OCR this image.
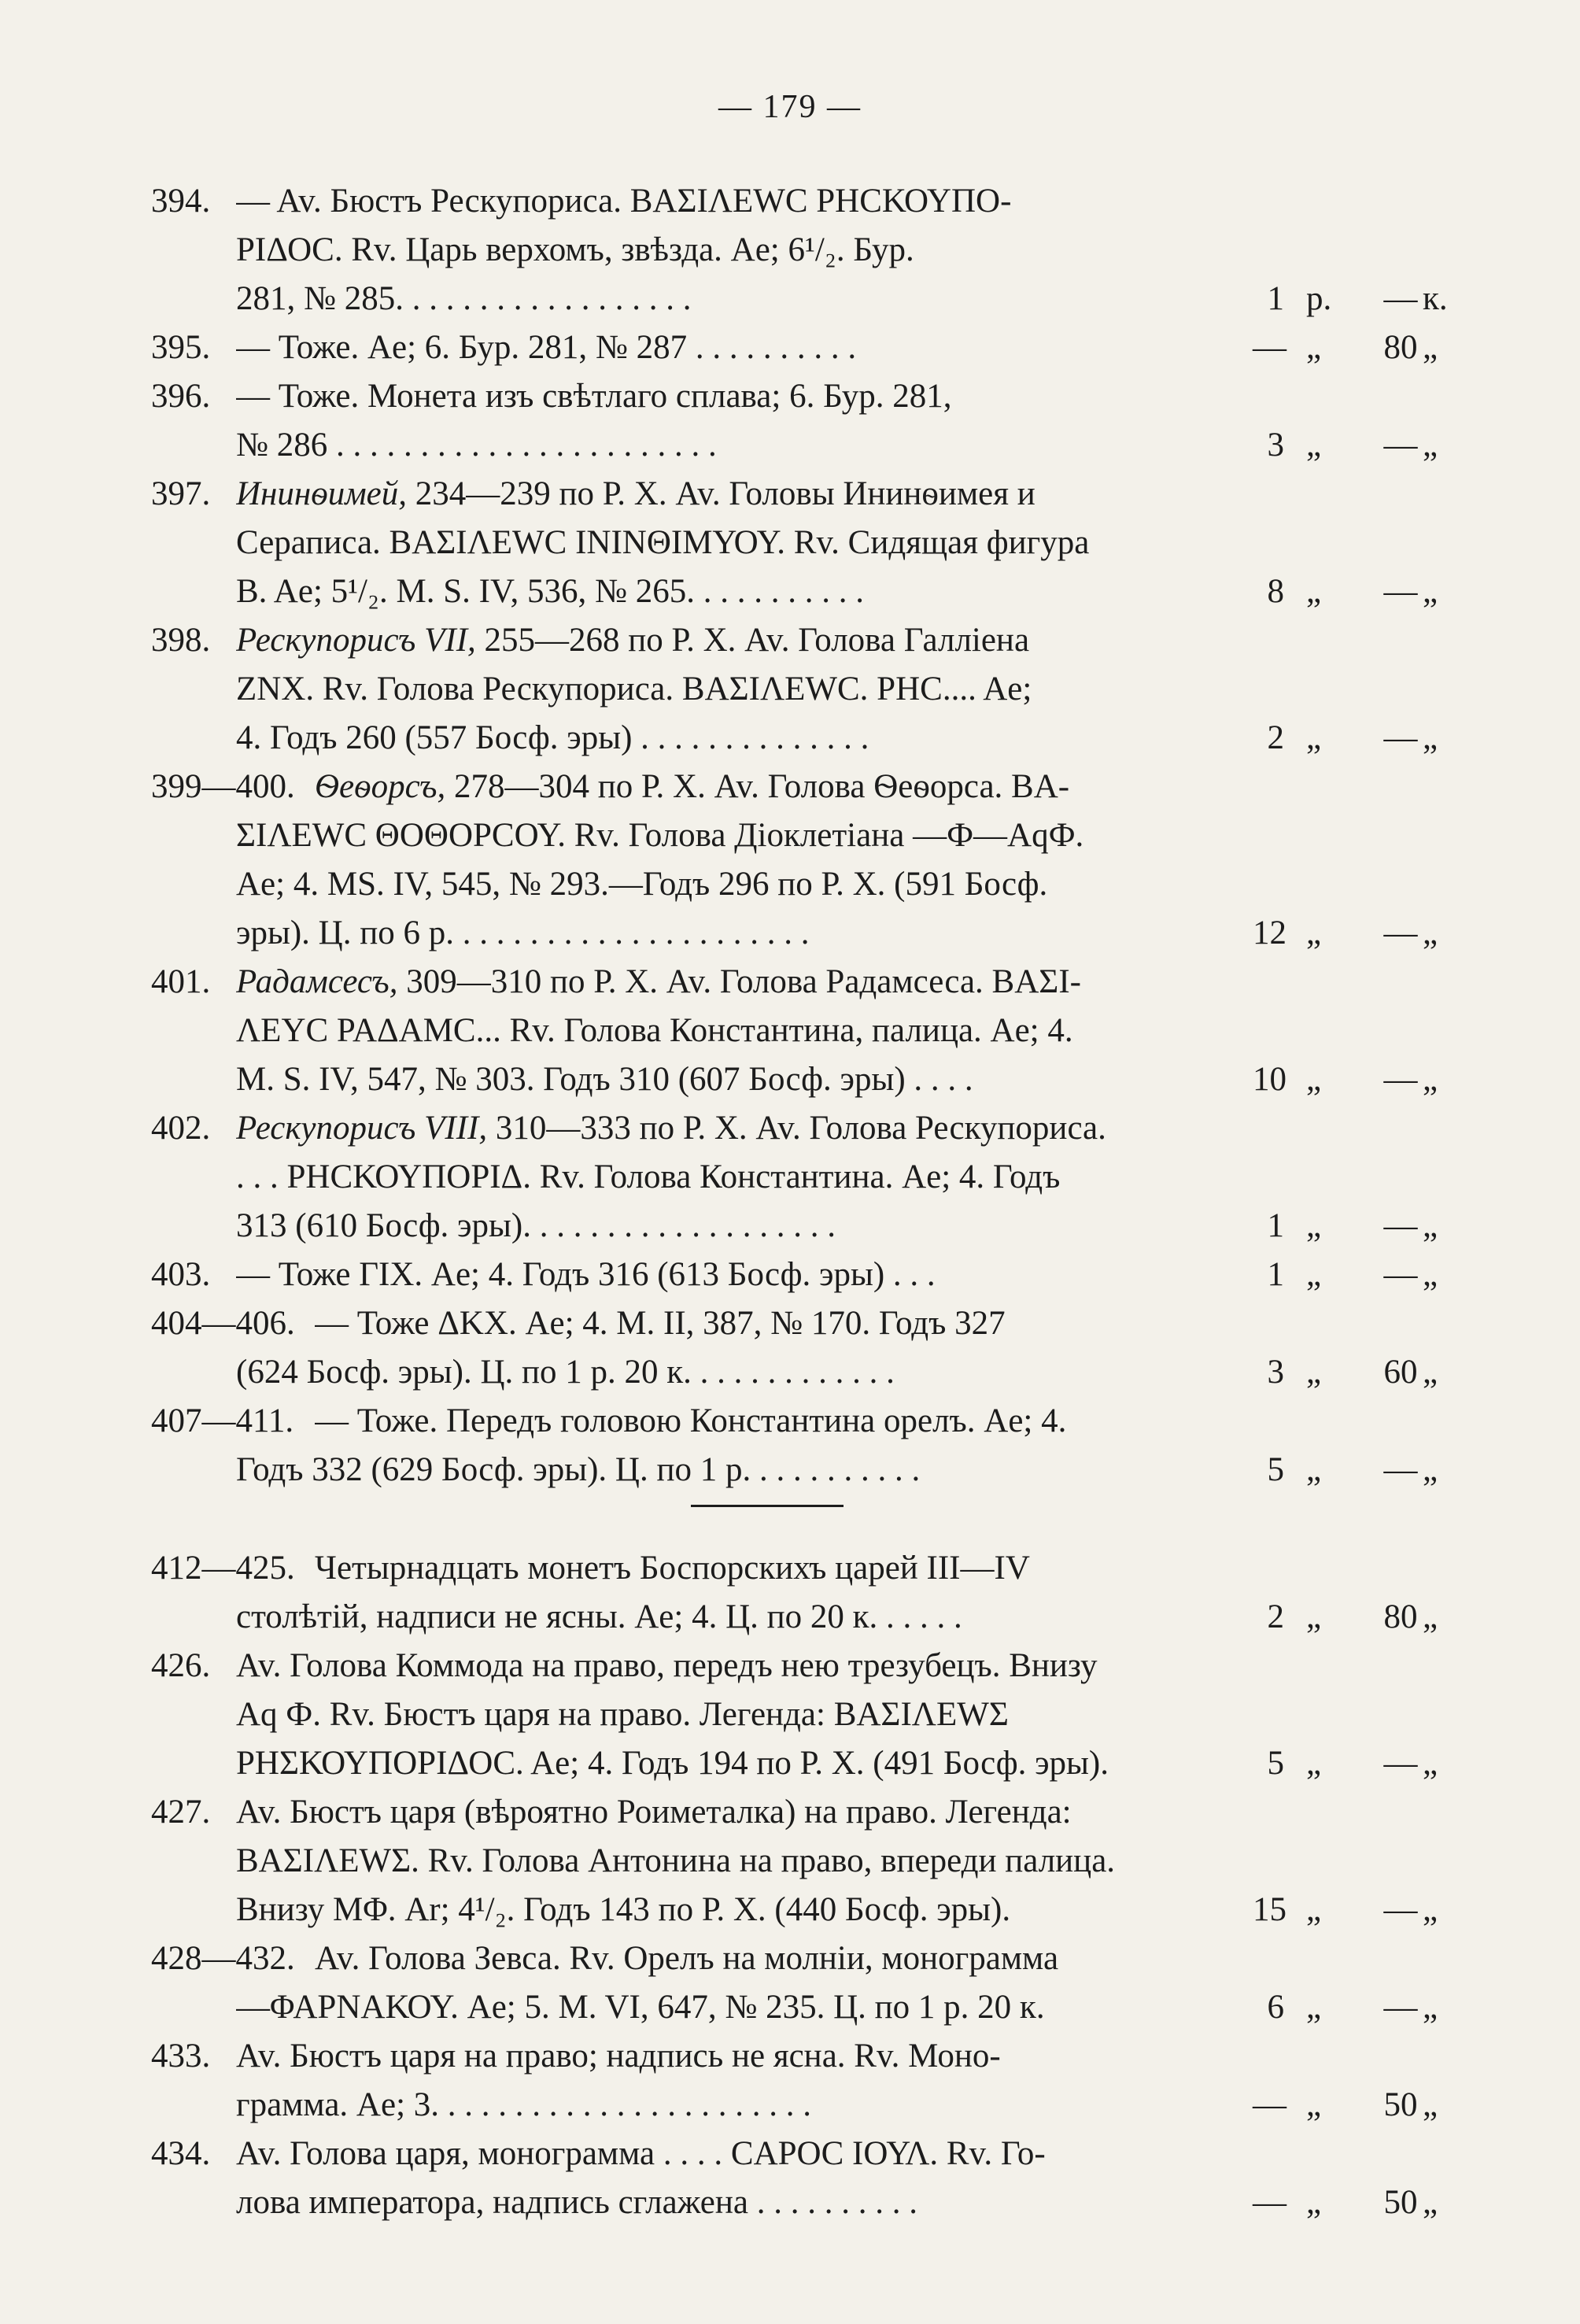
— 179 —
394. — Av. Бюстъ Рескупориса. ΒΑΣΙΛΕWC ΡΗCΚΟΥΠΟ-
ΡΙΔΟC. Rv. Царь верхомъ, звѣзда. Ae; 6¹/₂. Бур.
281, № 285. . . . . . . . . . . . . . . . . .	1 р. — к.
395. — Тоже. Ae; 6. Бур. 281, № 287 . . . . . . . . . .	— „ 80 „
396. — Тоже. Монета изъ свѣтлаго сплава; 6. Бур. 281,
№ 286 . . . . . . . . . . . . . . . . . . . . . . .	3 „ — „
397. Ининѳимей, 234—239 по Р. Х. Av. Головы Ининѳимея и
Сераписа. ΒΑΣΙΛΕWC ΙΝΙΝΘΙΜΥΟΥ. Rv. Сидящая фигура
B. Ae; 5¹/₂. M. S. IV, 536, № 265. . . . . . . . . . .	8 „ — „
398. Рескупорисъ VII, 255—268 по Р. Х. Av. Голова Галліена
ΖΝΧ. Rv. Голова Рескупориса. ΒΑΣΙΛΕWC. ΡΗC.... Ae;
4. Годъ 260 (557 Босф. эры) . . . . . . . . . . . . . .	2 „ — „
399—400. Ѳеѳорсъ, 278—304 по Р. Х. Av. Голова Ѳеѳорса. ΒΑ-
ΣΙΛΕWC ΘΟΘΟΡCΟΥ. Rv. Голова Діоклетіана —Ф—ΑqФ.
Ae; 4. MS. IV, 545, № 293.—Годъ 296 по Р. Х. (591 Босф.
эры). Ц. по 6 р. . . . . . . . . . . . . . . . . . . . . .	12 „ — „
401. Радамсесъ, 309—310 по Р. Х. Av. Голова Радамсеса. ΒΑΣΙ-
ΛΕΥC ΡΑΔΑΜC... Rv. Голова Константина, палица. Ae; 4.
M. S. IV, 547, № 303. Годъ 310 (607 Босф. эры) . . . .	10 „ — „
402. Рескупорисъ VIII, 310—333 по Р. Х. Av. Голова Рескупориса.
. . . ΡΗCΚΟΥΠΟΡΙΔ. Rv. Голова Константина. Ae; 4. Годъ
313 (610 Босф. эры). . . . . . . . . . . . . . . . . . .	1 „ — „
403. — Тоже ΓΙΧ. Ae; 4. Годъ 316 (613 Босф. эры) . . .	1 „ — „
404—406. — Тоже ΔΚΧ. Ae; 4. M. II, 387, № 170. Годъ 327
(624 Босф. эры). Ц. по 1 р. 20 к. . . . . . . . . . . . .	3 „ 60 „
407—411. — Тоже. Передъ головою Константина орелъ. Ae; 4.
Годъ 332 (629 Босф. эры). Ц. по 1 р. . . . . . . . . . .	5 „ — „
412—425. Четырнадцать монетъ Боспорскихъ царей III—IV
столѣтій, надписи не ясны. Ae; 4. Ц. по 20 к. . . . . .	2 „ 80 „
426. Av. Голова Коммода на право, передъ нею трезубецъ. Внизу
Аq Ф. Rv. Бюстъ царя на право. Легенда: ΒΑΣΙΛΕWΣ
ΡΗΣΚΟΥΠΟΡΙΔΟC. Ae; 4. Годъ 194 по Р. Х. (491 Босф. эры).	5 „ — „
427. Av. Бюстъ царя (вѣроятно Роиметалка) на право. Легенда:
ΒΑΣΙΛΕWΣ. Rv. Голова Антонина на право, впереди палица.
Внизу ΜΦ. Ar; 4¹/₂. Годъ 143 по Р. Х. (440 Босф. эры).	15 „ — „
428—432. Av. Голова Зевса. Rv. Орелъ на молніи, монограмма
—ΦΑΡΝΑΚΟΥ. Ae; 5. M. VI, 647, № 235. Ц. по 1 р. 20 к.	6 „ — „
433. Av. Бюстъ царя на право; надпись не ясна. Rv. Моно-
грамма. Ae; 3. . . . . . . . . . . . . . . . . . . . . . .	— „ 50 „
434. Av. Голова царя, монограмма . . . . CAPOC ΙΟΥΛ. Rv. Го-
лова императора, надпись сглажена . . . . . . . . . .	— „ 50 „
